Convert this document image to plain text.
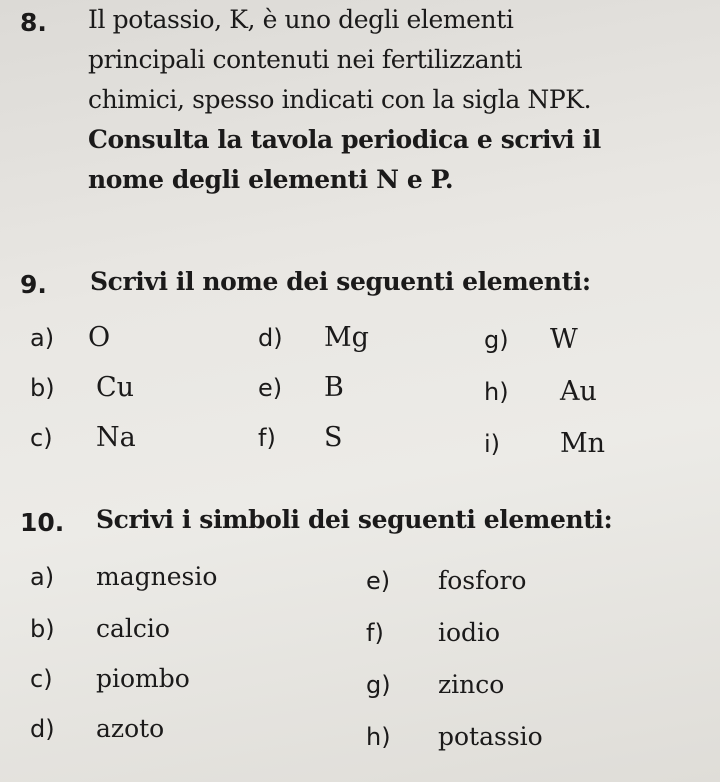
8. Il potassio, K, è uno degli elementi
principali contenuti nei fertilizzanti
chimici, spesso indicati con la sigla NPK.
Consulta la tavola periodica e scrivi il
nome degli elementi N e P.
9. Scrivi il nome dei seguenti elementi:
a)	O
b)	Cu
c)	Na
d)	Mg
e)	B
f)	S
g)	W
h)	Au
i)	Mn
10. Scrivi i simboli dei seguenti elementi:
a)	magnesio
b)	calcio
c)	piombo
d)	azoto
e)	fosforo
f)	iodio
g)	zinco
h)	potassio
